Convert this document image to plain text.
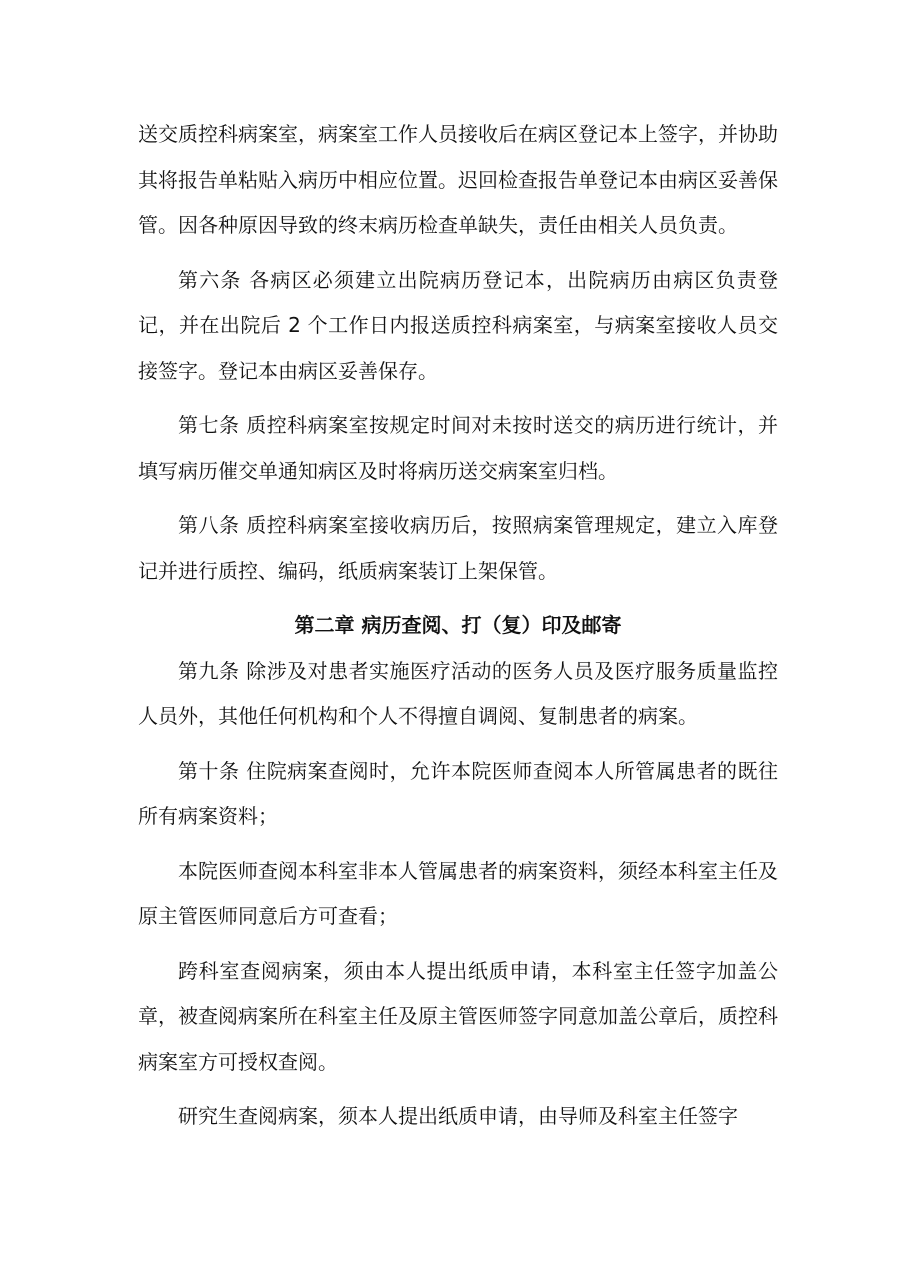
送交质控科病案室，病案室工作人员接收后在病区登记本上签字，并协助其将报告单粘贴入病历中相应位置。迟回检查报告单登记本由病区妥善保管。因各种原因导致的终末病历检查单缺失，责任由相关人员负责。

第六条 各病区必须建立出院病历登记本，出院病历由病区负责登记，并在出院后 2 个工作日内报送质控科病案室，与病案室接收人员交接签字。登记本由病区妥善保存。

第七条 质控科病案室按规定时间对未按时送交的病历进行统计，并填写病历催交单通知病区及时将病历送交病案室归档。

第八条 质控科病案室接收病历后，按照病案管理规定，建立入库登记并进行质控、编码，纸质病案装订上架保管。

第二章 病历查阅、打（复）印及邮寄

第九条 除涉及对患者实施医疗活动的医务人员及医疗服务质量监控人员外，其他任何机构和个人不得擅自调阅、复制患者的病案。

第十条 住院病案查阅时，允许本院医师查阅本人所管属患者的既往所有病案资料；

本院医师查阅本科室非本人管属患者的病案资料，须经本科室主任及原主管医师同意后方可查看；

跨科室查阅病案，须由本人提出纸质申请，本科室主任签字加盖公章，被查阅病案所在科室主任及原主管医师签字同意加盖公章后，质控科病案室方可授权查阅。

研究生查阅病案，须本人提出纸质申请，由导师及科室主任签字
